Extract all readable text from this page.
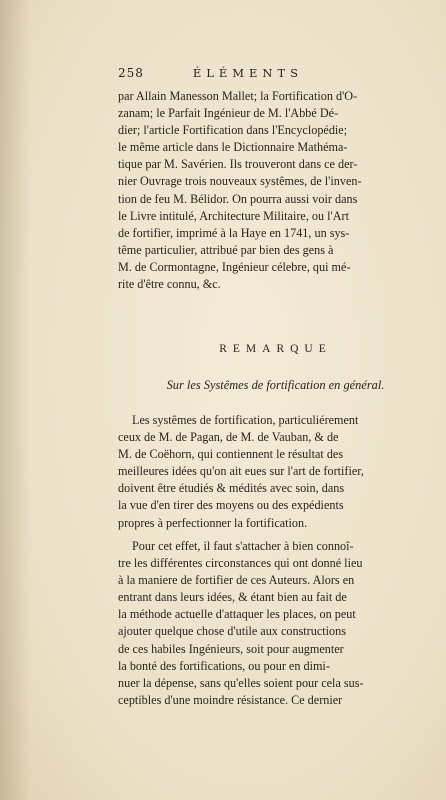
258	ÉLÉMENTS
par Allain Manesson Mallet; la Fortification d'O-
zanam; le Parfait Ingénieur de M. l'Abbé Dé-
dier; l'article Fortification dans l'Encyclopédie;
le même article dans le Dictionnaire Mathéma-
tique par M. Savérien. Ils trouveront dans ce der-
nier Ouvrage trois nouveaux systêmes, de l'inven-
tion de feu M. Bélidor. On pourra aussi voir dans
le Livre intitulé, Architecture Militaire, ou l'Art
de fortifier, imprimé à la Haye en 1741, un sys-
tême particulier, attribué par bien des gens à
M. de Cormontagne, Ingénieur célebre, qui mé-
rite d'être connu, &c.
REMARQUE
Sur les Systêmes de fortification en général.
Les systêmes de fortification, particuliérement
ceux de M. de Pagan, de M. de Vauban, & de
M. de Coëhorn, qui contiennent le résultat des
meilleures idées qu'on ait eues sur l'art de fortifier,
doivent être étudiés & médités avec soin, dans
la vue d'en tirer des moyens ou des expédients
propres à perfectionner la fortification.
Pour cet effet, il faut s'attacher à bien connoî-
tre les différentes circonstances qui ont donné lieu
à la maniere de fortifier de ces Auteurs. Alors en
entrant dans leurs idées, & étant bien au fait de
la méthode actuelle d'attaquer les places, on peut
ajouter quelque chose d'utile aux constructions
de ces habiles Ingénieurs, soit pour augmenter
la bonté des fortifications, ou pour en dimi-
nuer la dépense, sans qu'elles soient pour cela sus-
ceptibles d'une moindre résistance. Ce dernier
